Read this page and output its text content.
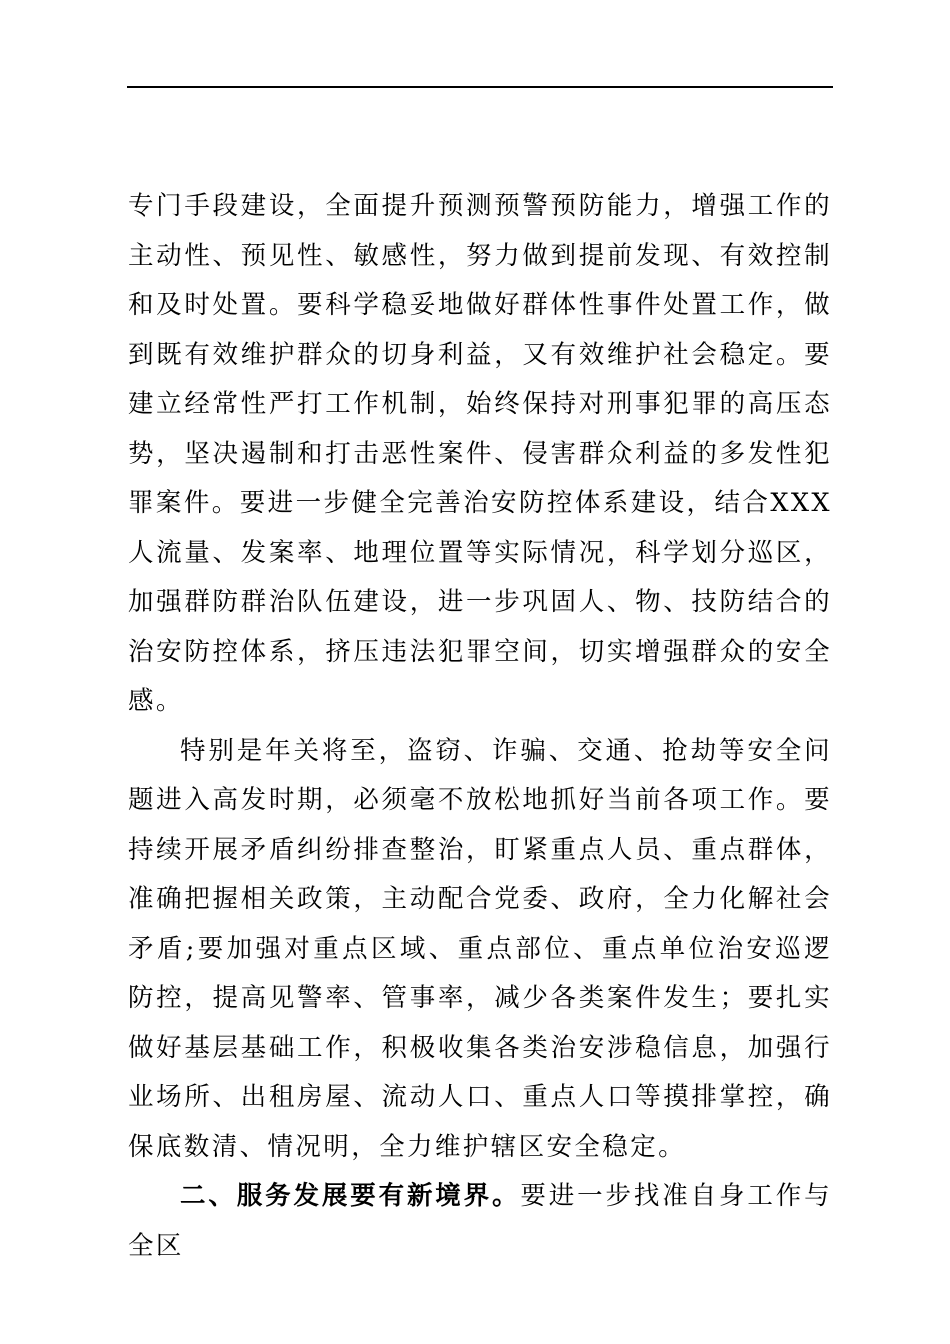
专门手段建设，全面提升预测预警预防能力，增强工作的主动性、预见性、敏感性，努力做到提前发现、有效控制和及时处置。要科学稳妥地做好群体性事件处置工作，做到既有效维护群众的切身利益，又有效维护社会稳定。要建立经常性严打工作机制，始终保持对刑事犯罪的高压态势，坚决遏制和打击恶性案件、侵害群众利益的多发性犯罪案件。要进一步健全完善治安防控体系建设，结合XXX人流量、发案率、地理位置等实际情况，科学划分巡区，加强群防群治队伍建设，进一步巩固人、物、技防结合的治安防控体系，挤压违法犯罪空间，切实增强群众的安全感。

特别是年关将至，盗窃、诈骗、交通、抢劫等安全问题进入高发时期，必须毫不放松地抓好当前各项工作。要持续开展矛盾纠纷排查整治，盯紧重点人员、重点群体，准确把握相关政策，主动配合党委、政府，全力化解社会矛盾;要加强对重点区域、重点部位、重点单位治安巡逻防控，提高见警率、管事率，减少各类案件发生；要扎实做好基层基础工作，积极收集各类治安涉稳信息，加强行业场所、出租房屋、流动人口、重点人口等摸排掌控，确保底数清、情况明，全力维护辖区安全稳定。

二、服务发展要有新境界。要进一步找准自身工作与全区
